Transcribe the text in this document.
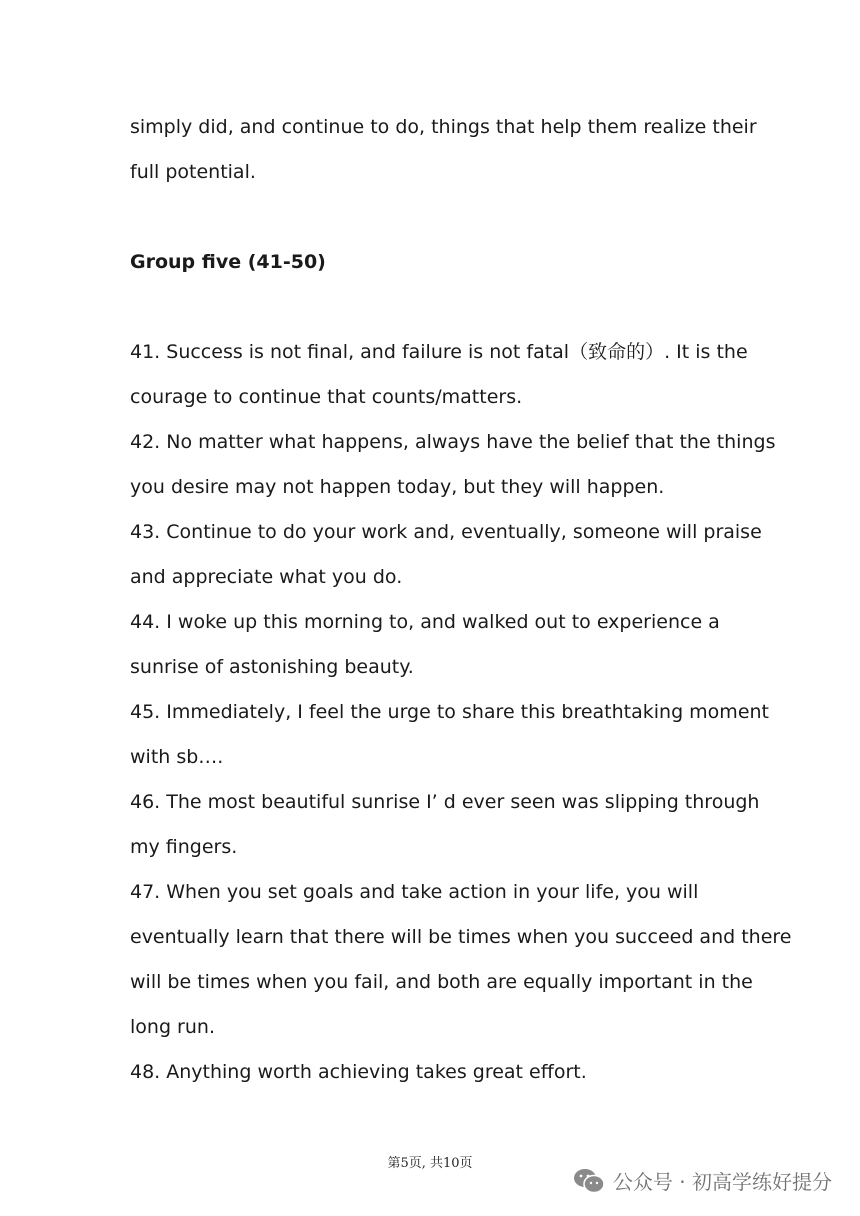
simply did, and continue to do, things that help them realize their
full potential.
Group five (41-50)
41. Success is not final, and failure is not fatal（致命的）. It is the
courage to continue that counts/matters.
42. No matter what happens, always have the belief that the things
you desire may not happen today, but they will happen.
43. Continue to do your work and, eventually, someone will praise
and appreciate what you do.
44. I woke up this morning to, and walked out to experience a
sunrise of astonishing beauty.
45. Immediately, I feel the urge to share this breathtaking moment
with sb….
46. The most beautiful sunrise I’ d ever seen was slipping through
my fingers.
47. When you set goals and take action in your life, you will
eventually learn that there will be times when you succeed and there
will be times when you fail, and both are equally important in the
long run.
48. Anything worth achieving takes great effort.
第5页, 共10页
公众号 · 初高学练好提分
